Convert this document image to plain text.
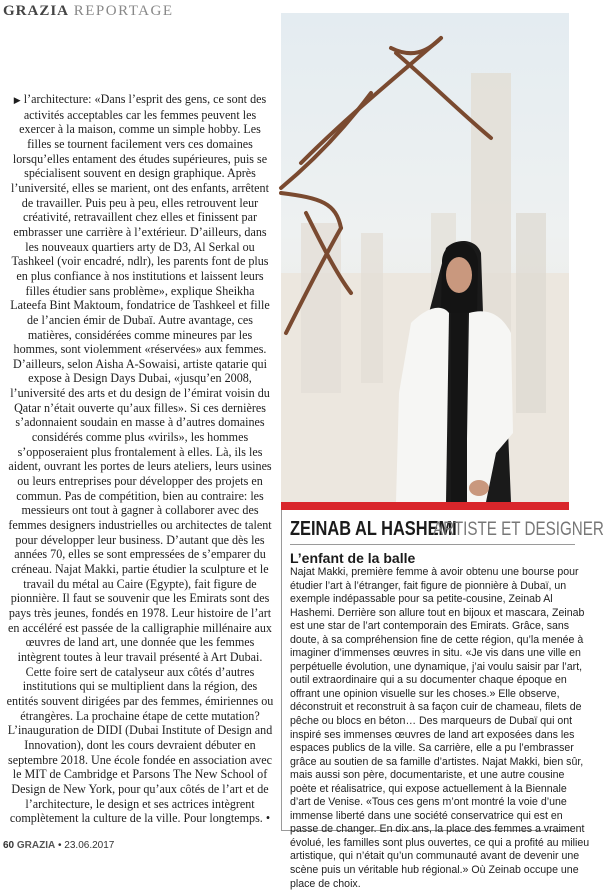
GRAZIA REPORTAGE

▶ l’architecture: «Dans l’esprit des gens, ce sont des activités acceptables car les femmes peuvent les exercer à la maison, comme un simple hobby. Les filles se tournent facilement vers ces domaines lorsqu’elles entament des études supérieures, puis se spécialisent souvent en design graphique. Après l’université, elles se marient, ont des enfants, arrêtent de travailler. Puis peu à peu, elles retrouvent leur créativité, retravaillent chez elles et finissent par embrasser une carrière à l’extérieur. D’ailleurs, dans les nouveaux quartiers arty de D3, Al Serkal ou Tashkeel (voir encadré, ndlr), les parents font de plus en plus confiance à nos institutions et laissent leurs filles étudier sans problème», explique Sheikha Lateefa Bint Maktoum, fondatrice de Tashkeel et fille de l’ancien émir de Dubaï. Autre avantage, ces matières, considérées comme mineures par les hommes, sont violemment «réservées» aux femmes. D’ailleurs, selon Aisha A-Sowaisi, artiste qatarie qui expose à Design Days Dubai, «jusqu’en 2008, l’université des arts et du design de l’émirat voisin du Qatar n’était ouverte qu’aux filles». Si ces dernières s’adonnaient soudain en masse à d’autres domaines considérés comme plus «virils», les hommes s’opposeraient plus frontalement à elles. Là, ils les aident, ouvrant les portes de leurs ateliers, leurs usines ou leurs entreprises pour développer des projets en commun. Pas de compétition, bien au contraire: les messieurs ont tout à gagner à collaborer avec des femmes designers industrielles ou architectes de talent pour développer leur business. D’autant que dès les années 70, elles se sont empressées de s’emparer du créneau. Najat Makki, partie étudier la sculpture et le travail du métal au Caire (Egypte), fait figure de pionnière. Il faut se souvenir que les Emirats sont des pays très jeunes, fondés en 1978. Leur histoire de l’art en accéléré est passée de la calligraphie millénaire aux œuvres de land art, une donnée que les femmes intègrent toutes à leur travail présenté à Art Dubai. Cette foire sert de catalyseur aux côtés d’autres institutions qui se multiplient dans la région, des entités souvent dirigées par des femmes, émiriennes ou étrangères. La prochaine étape de cette mutation? L’inauguration de DIDI (Dubai Institute of Design and Innovation), dont les cours devraient débuter en septembre 2018. Une école fondée en association avec le MIT de Cambridge et Parsons The New School of Design de New York, pour qu’aux côtés de l’art et de l’architecture, le design et ses actrices intègrent complètement la culture de la ville. Pour longtemps. •

ZEINAB AL HASHEMI
ARTISTE ET DESIGNER
L’enfant de la balle

Najat Makki, première femme à avoir obtenu une bourse pour étudier l’art à l’étranger, fait figure de pionnière à Dubaï, un exemple indépassable pour sa petite-cousine, Zeinab Al Hashemi. Derrière son allure tout en bijoux et mascara, Zeinab est une star de l’art contemporain des Emirats. Grâce, sans doute, à sa compréhension fine de cette région, qu’la menée à imaginer d’immenses œuvres in situ. «Je vis dans une ville en perpétuelle évolution, une dynamique, j’ai voulu saisir par l’art, outil extraordinaire qui a su documenter chaque époque en offrant une opinion visuelle sur les choses.» Elle observe, déconstruit et reconstruit à sa façon cuir de chameau, filets de pêche ou blocs en béton… Des marqueurs de Dubaï qui ont inspiré ses immenses œuvres de land art exposées dans les espaces publics de la ville. Sa carrière, elle a pu l’embrasser grâce au soutien de sa famille d’artistes. Najat Makki, bien sûr, mais aussi son père, documentariste, et une autre cousine poète et réalisatrice, qui expose actuellement à la Biennale d’art de Venise. «Tous ces gens m’ont montré la voie d’une immense liberté dans une société conservatrice qui est en passe de changer. En dix ans, la place des femmes a vraiment évolué, les familles sont plus ouvertes, ce qui a profité au milieu artistique, qui n’était qu’un communauté avant de devenir une scène puis un véritable hub régional.» Où Zeinab occupe une place de choix.

60 GRAZIA • 23.06.2017
